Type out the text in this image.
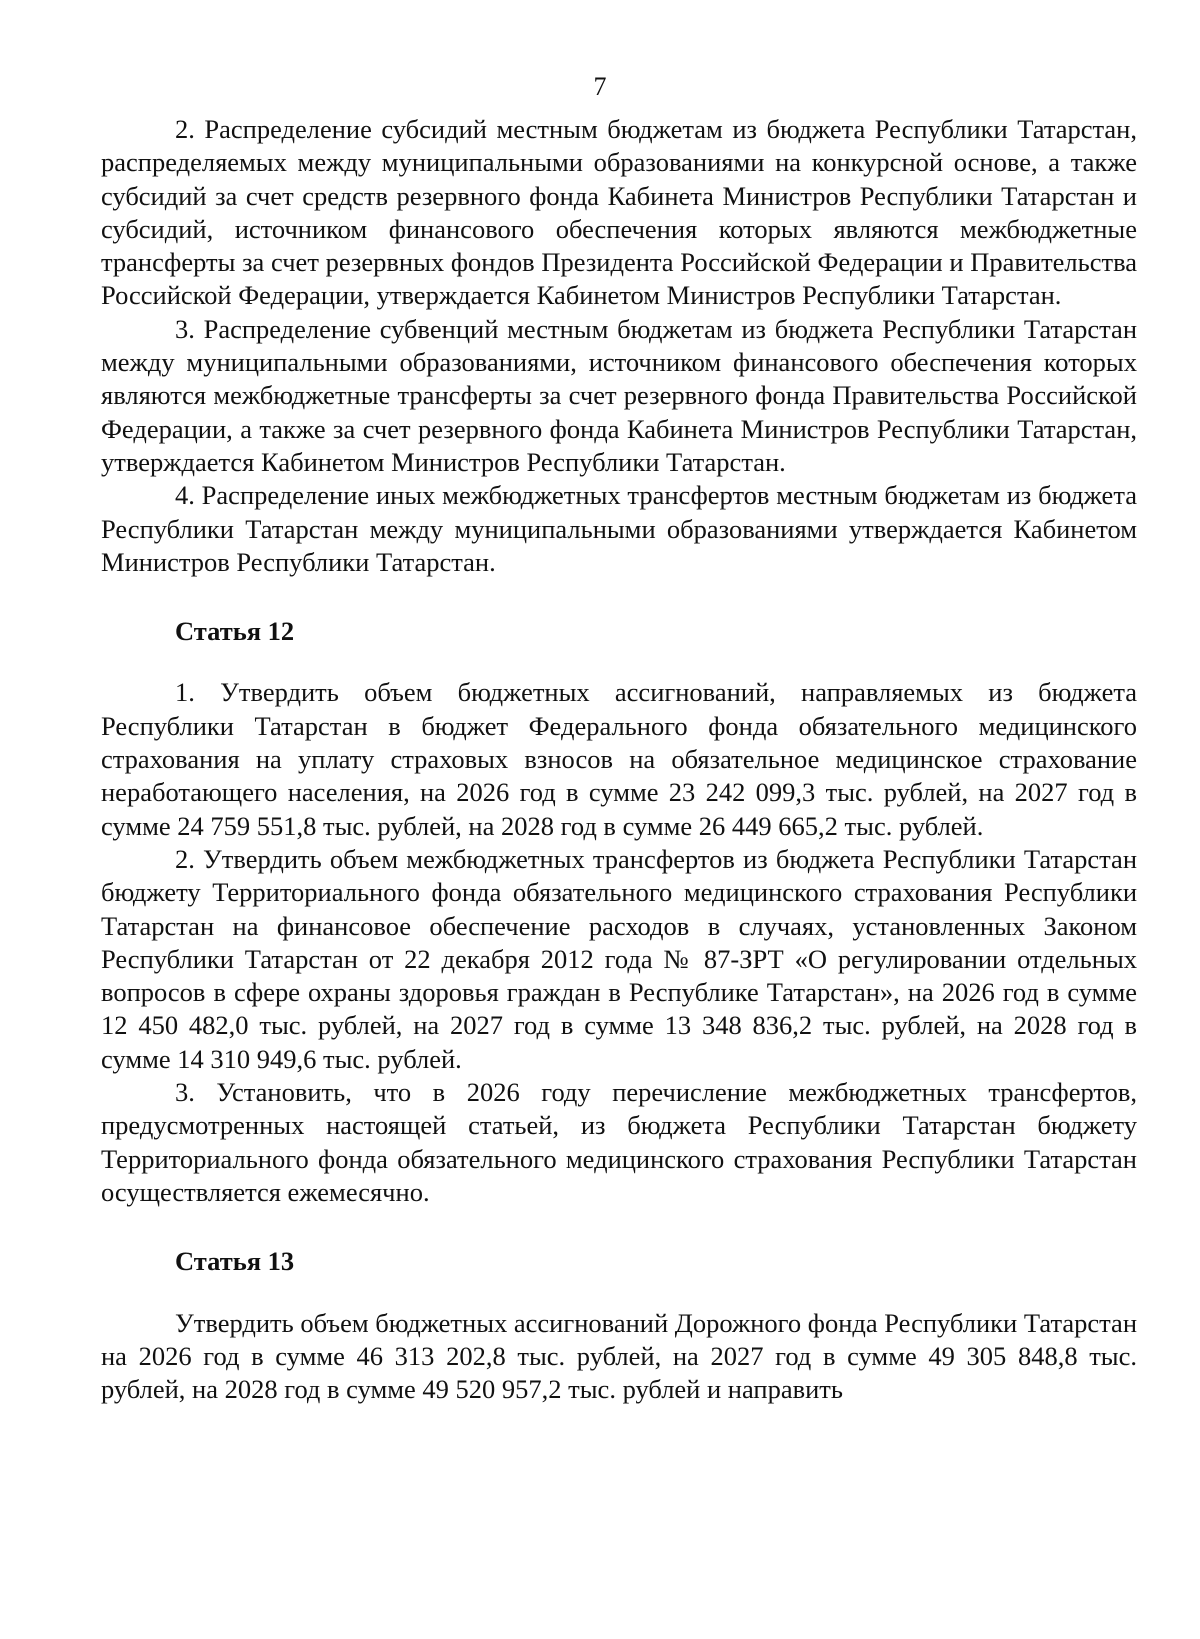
7

2. Распределение субсидий местным бюджетам из бюджета Республики Татарстан, распределяемых между муниципальными образованиями на конкурсной основе, а также субсидий за счет средств резервного фонда Кабинета Министров Республики Татарстан и субсидий, источником финансового обеспечения которых являются межбюджетные трансферты за счет резервных фондов Президента Российской Федерации и Правительства Российской Федерации, утверждается Кабинетом Министров Республики Татарстан.

3. Распределение субвенций местным бюджетам из бюджета Республики Татарстан между муниципальными образованиями, источником финансового обеспечения которых являются межбюджетные трансферты за счет резервного фонда Правительства Российской Федерации, а также за счет резервного фонда Кабинета Министров Республики Татарстан, утверждается Кабинетом Министров Республики Татарстан.

4. Распределение иных межбюджетных трансфертов местным бюджетам из бюджета Республики Татарстан между муниципальными образованиями утверждается Кабинетом Министров Республики Татарстан.

Статья 12

1. Утвердить объем бюджетных ассигнований, направляемых из бюджета Республики Татарстан в бюджет Федерального фонда обязательного медицинского страхования на уплату страховых взносов на обязательное медицинское страхование неработающего населения, на 2026 год в сумме 23 242 099,3 тыс. рублей, на 2027 год в сумме 24 759 551,8 тыс. рублей, на 2028 год в сумме 26 449 665,2 тыс. рублей.

2. Утвердить объем межбюджетных трансфертов из бюджета Республики Татарстан бюджету Территориального фонда обязательного медицинского страхования Республики Татарстан на финансовое обеспечение расходов в случаях, установленных Законом Республики Татарстан от 22 декабря 2012 года № 87-ЗРТ «О регулировании отдельных вопросов в сфере охраны здоровья граждан в Республике Татарстан», на 2026 год в сумме 12 450 482,0 тыс. рублей, на 2027 год в сумме 13 348 836,2 тыс. рублей, на 2028 год в сумме 14 310 949,6 тыс. рублей.

3. Установить, что в 2026 году перечисление межбюджетных трансфертов, предусмотренных настоящей статьей, из бюджета Республики Татарстан бюджету Территориального фонда обязательного медицинского страхования Республики Татарстан осуществляется ежемесячно.

Статья 13

Утвердить объем бюджетных ассигнований Дорожного фонда Республики Татарстан на 2026 год в сумме 46 313 202,8 тыс. рублей, на 2027 год в сумме 49 305 848,8 тыс. рублей, на 2028 год в сумме 49 520 957,2 тыс. рублей и направить
